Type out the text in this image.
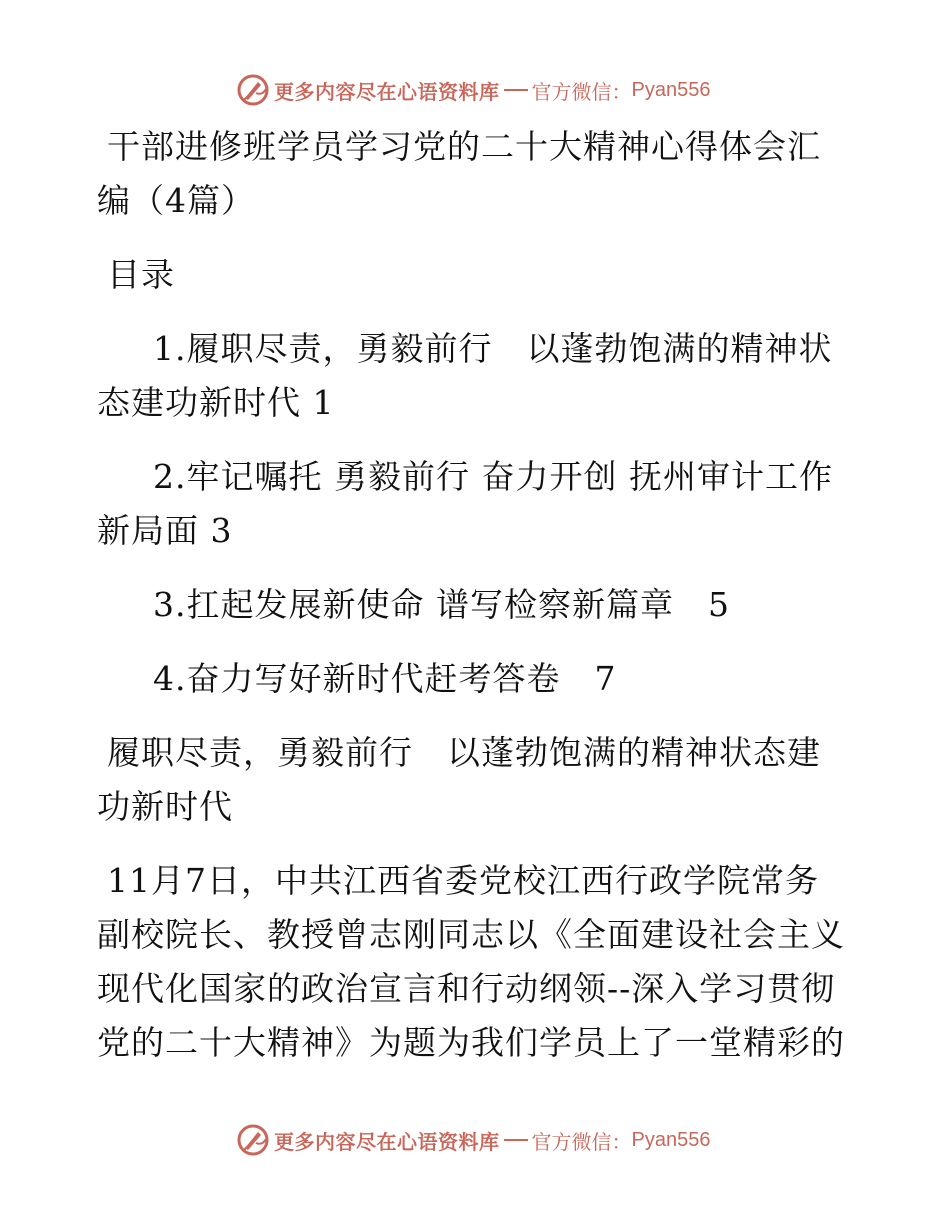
更多内容尽在心语资料库 官方微信： Pyan556

干部进修班学员学习党的二十大精神心得体会汇

编（4篇）

目录

1.履职尽责，勇毅前行　以蓬勃饱满的精神状

态建功新时代 1

2.牢记嘱托 勇毅前行 奋力开创 抚州审计工作

新局面 3

3.扛起发展新使命 谱写检察新篇章　5

4.奋力写好新时代赶考答卷　7

履职尽责，勇毅前行　以蓬勃饱满的精神状态建

功新时代

11月7日，中共江西省委党校江西行政学院常务

副校院长、教授曾志刚同志以《全面建设社会主义

现代化国家的政治宣言和行动纲领--深入学习贯彻

党的二十大精神》为题为我们学员上了一堂精彩的

更多内容尽在心语资料库 官方微信： Pyan556
